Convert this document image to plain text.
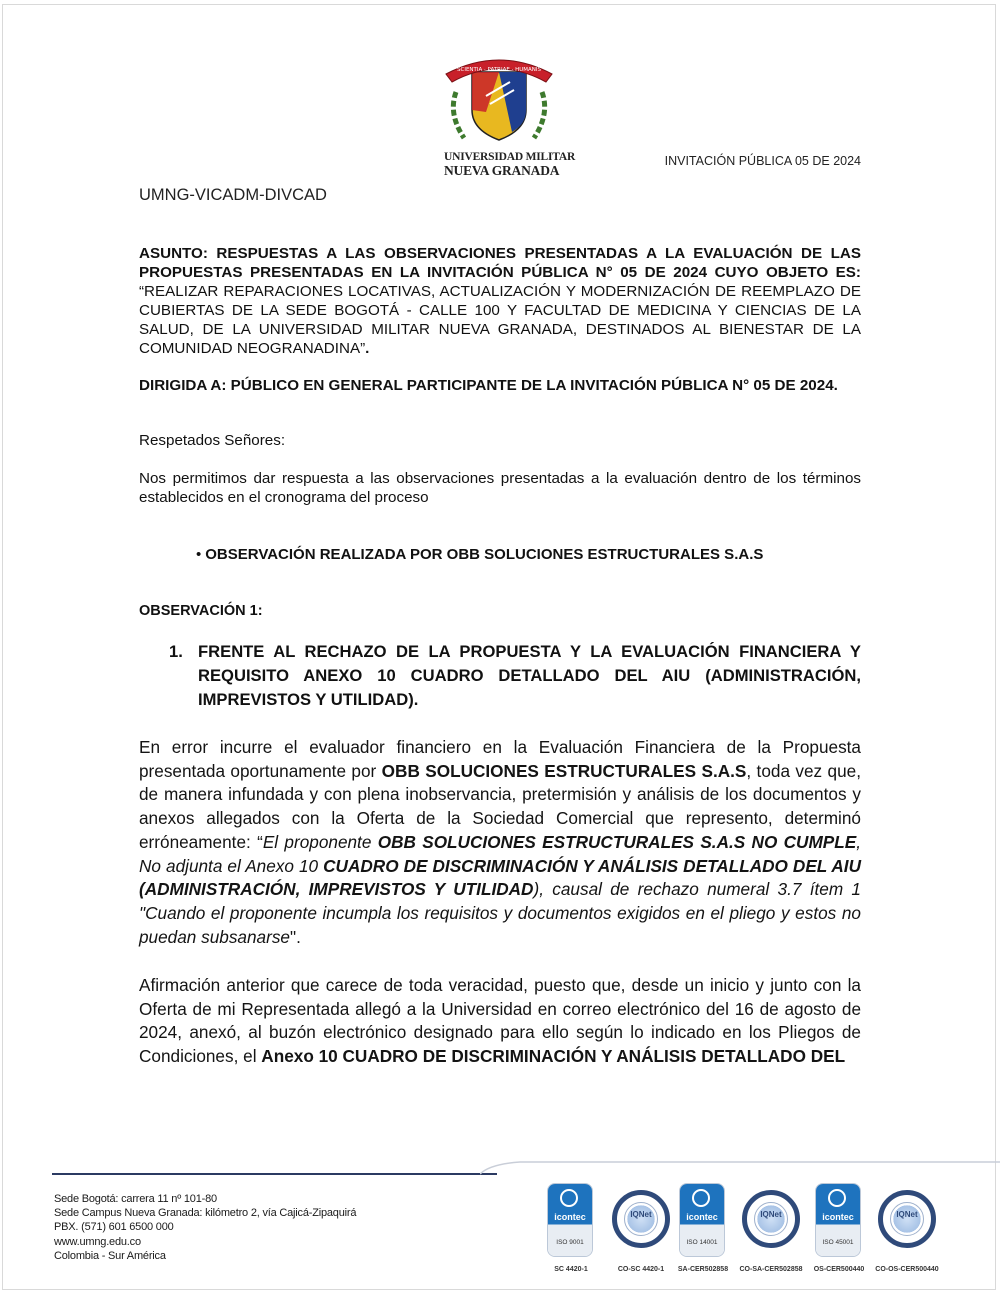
SCIENTIA · PATRIAE · HUMANIS
UNIVERSIDAD MILITAR
NUEVA GRANADA
INVITACIÓN PÚBLICA 05 DE 2024
UMNG-VICADM-DIVCAD
ASUNTO: RESPUESTAS A LAS OBSERVACIONES PRESENTADAS A LA EVALUACIÓN DE LAS PROPUESTAS PRESENTADAS EN LA INVITACIÓN PÚBLICA N° 05 DE 2024 CUYO OBJETO ES: “REALIZAR REPARACIONES LOCATIVAS, ACTUALIZACIÓN Y MODERNIZACIÓN DE REEMPLAZO DE CUBIERTAS DE LA SEDE BOGOTÁ - CALLE 100 Y FACULTAD DE MEDICINA Y CIENCIAS DE LA SALUD, DE LA UNIVERSIDAD MILITAR NUEVA GRANADA, DESTINADOS AL BIENESTAR DE LA COMUNIDAD NEOGRANADINA”.
DIRIGIDA A: PÚBLICO EN GENERAL PARTICIPANTE DE LA INVITACIÓN PÚBLICA N° 05 DE 2024.
Respetados Señores:
Nos permitimos dar respuesta a las observaciones presentadas a la evaluación dentro de los términos establecidos en el cronograma del proceso
• OBSERVACIÓN REALIZADA POR OBB SOLUCIONES ESTRUCTURALES S.A.S
OBSERVACIÓN 1:
1. FRENTE AL RECHAZO DE LA PROPUESTA Y LA EVALUACIÓN FINANCIERA Y REQUISITO ANEXO 10 CUADRO DETALLADO DEL AIU (ADMINISTRACIÓN, IMPREVISTOS Y UTILIDAD).
En error incurre el evaluador financiero en la Evaluación Financiera de la Propuesta presentada oportunamente por OBB SOLUCIONES ESTRUCTURALES S.A.S, toda vez que, de manera infundada y con plena inobservancia, pretermisión y análisis de los documentos y anexos allegados con la Oferta de la Sociedad Comercial que represento, determinó erróneamente: “El proponente OBB SOLUCIONES ESTRUCTURALES S.A.S NO CUMPLE, No adjunta el Anexo 10 CUADRO DE DISCRIMINACIÓN Y ANÁLISIS DETALLADO DEL AIU (ADMINISTRACIÓN, IMPREVISTOS Y UTILIDAD), causal de rechazo numeral 3.7 ítem 1 "Cuando el proponente incumpla los requisitos y documentos exigidos en el pliego y estos no puedan subsanarse".
Afirmación anterior que carece de toda veracidad, puesto que, desde un inicio y junto con la Oferta de mi Representada allegó a la Universidad en correo electrónico del 16 de agosto de 2024, anexó, al buzón electrónico designado para ello según lo indicado en los Pliegos de Condiciones, el Anexo 10 CUADRO DE DISCRIMINACIÓN Y ANÁLISIS DETALLADO DEL
Sede Bogotá: carrera 11 nº 101-80
Sede Campus Nueva Granada: kilómetro 2, vía Cajicá-Zipaquirá
PBX. (571) 601 6500 000
www.umng.edu.co
Colombia - Sur América
icontec
ISO 9001
SC 4420-1
IQNet
CO-SC 4420-1
icontec
ISO 14001
SA-CER502858
IQNet
CO-SA-CER502858
icontec
ISO 45001
OS-CER500440
IQNet
CO-OS-CER500440
